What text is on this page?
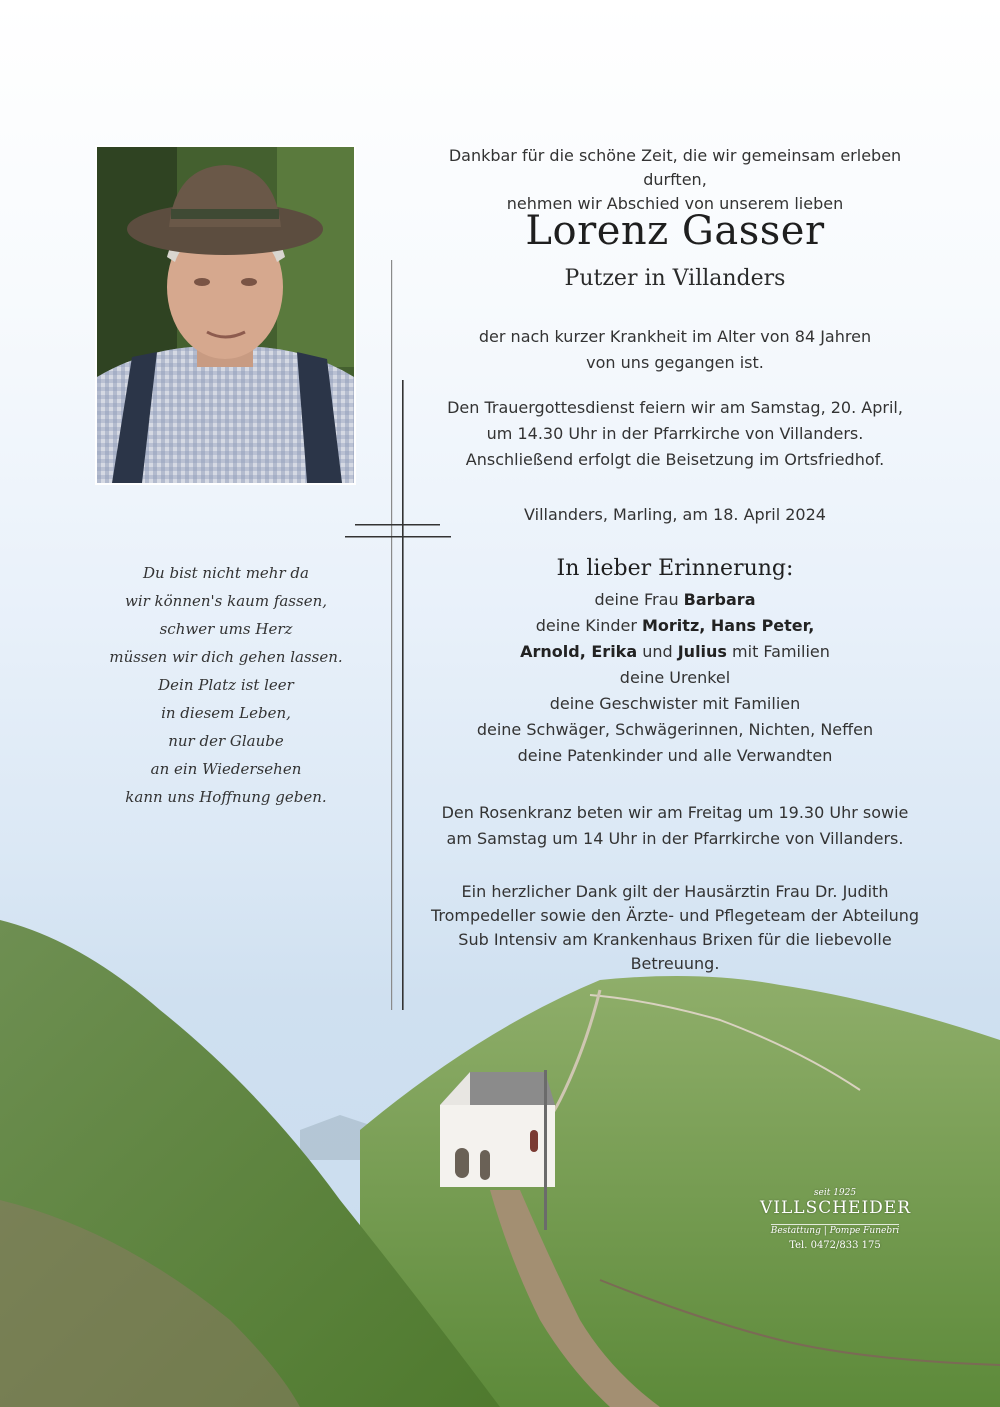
Dankbar für die schöne Zeit, die wir gemeinsam erleben durften,
nehmen wir Abschied von unserem lieben
Lorenz Gasser
Putzer in Villanders

der nach kurzer Krankheit im Alter von 84 Jahren

von uns gegangen ist.

Den Trauergottesdienst feiern wir am Samstag, 20. April,

um 14.30 Uhr in der Pfarrkirche von Villanders.

Anschließend erfolgt die Beisetzung im Ortsfriedhof.

Villanders, Marling, am 18. April 2024

In lieber Erinnerung:

deine Frau Barbara

deine Kinder Moritz, Hans Peter,

Arnold, Erika und Julius mit Familien

deine Urenkel

deine Geschwister mit Familien

deine Schwäger, Schwägerinnen, Nichten, Neffen

deine Patenkinder und alle Verwandten

Den Rosenkranz beten wir am Freitag um 19.30 Uhr sowie

am Samstag um 14 Uhr in der Pfarrkirche von Villanders.

Ein herzlicher Dank gilt der Hausärztin Frau Dr. Judith

Trompedeller sowie den Ärzte- und Pflegeteam der Abteilung

Sub Intensiv am Krankenhaus Brixen für die liebevolle Betreuung.

Du bist nicht mehr da

wir können's kaum fassen,

schwer ums Herz

müssen wir dich gehen lassen.

Dein Platz ist leer

in diesem Leben,

nur der Glaube

an ein Wiedersehen

kann uns Hoffnung geben.

seit 1925
VILLSCHEIDER
Bestattung | Pompe Funebri
Tel. 0472/833 175
